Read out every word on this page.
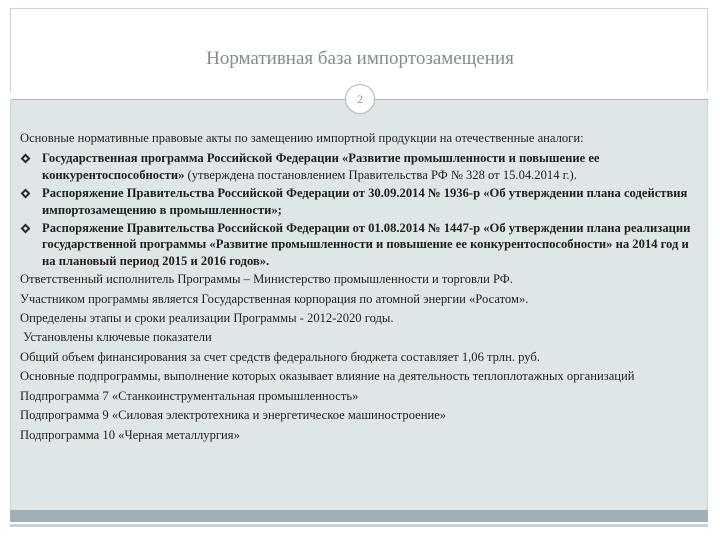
Нормативная база импортозамещения
2

Основные нормативные правовые акты по замещению импортной продукции на отечественные аналоги:

Государственная программа Российской Федерации «Развитие промышленности и повышение ее конкурентоспособности» (утверждена постановлением Правительства РФ № 328 от 15.04.2014 г.).
Распоряжение Правительства Российской Федерации от 30.09.2014 № 1936-р «Об утверждении плана содействия импортозамещению в промышленности»;
Распоряжение Правительства Российской Федерации от 01.08.2014 № 1447-р «Об утверждении плана реализации государственной программы «Развитие промышленности и повышение ее конкурентоспособности» на 2014 год и на плановый период 2015 и 2016 годов».

Ответственный исполнитель Программы – Министерство промышленности и торговли РФ.

Участником программы является Государственная корпорация по атомной энергии «Росатом».

Определены этапы и сроки реализации Программы - 2012-2020 годы.

Установлены ключевые показатели

Общий объем финансирования за счет средств федерального бюджета составляет 1,06 трлн. руб.

Основные подпрограммы, выполнение которых оказывает влияние на деятельность теплоплотажных организаций

Подпрограмма 7 «Станкоинструментальная промышленность»

Подпрограмма 9 «Силовая электротехника и энергетическое машиностроение»

Подпрограмма 10 «Черная металлургия»
